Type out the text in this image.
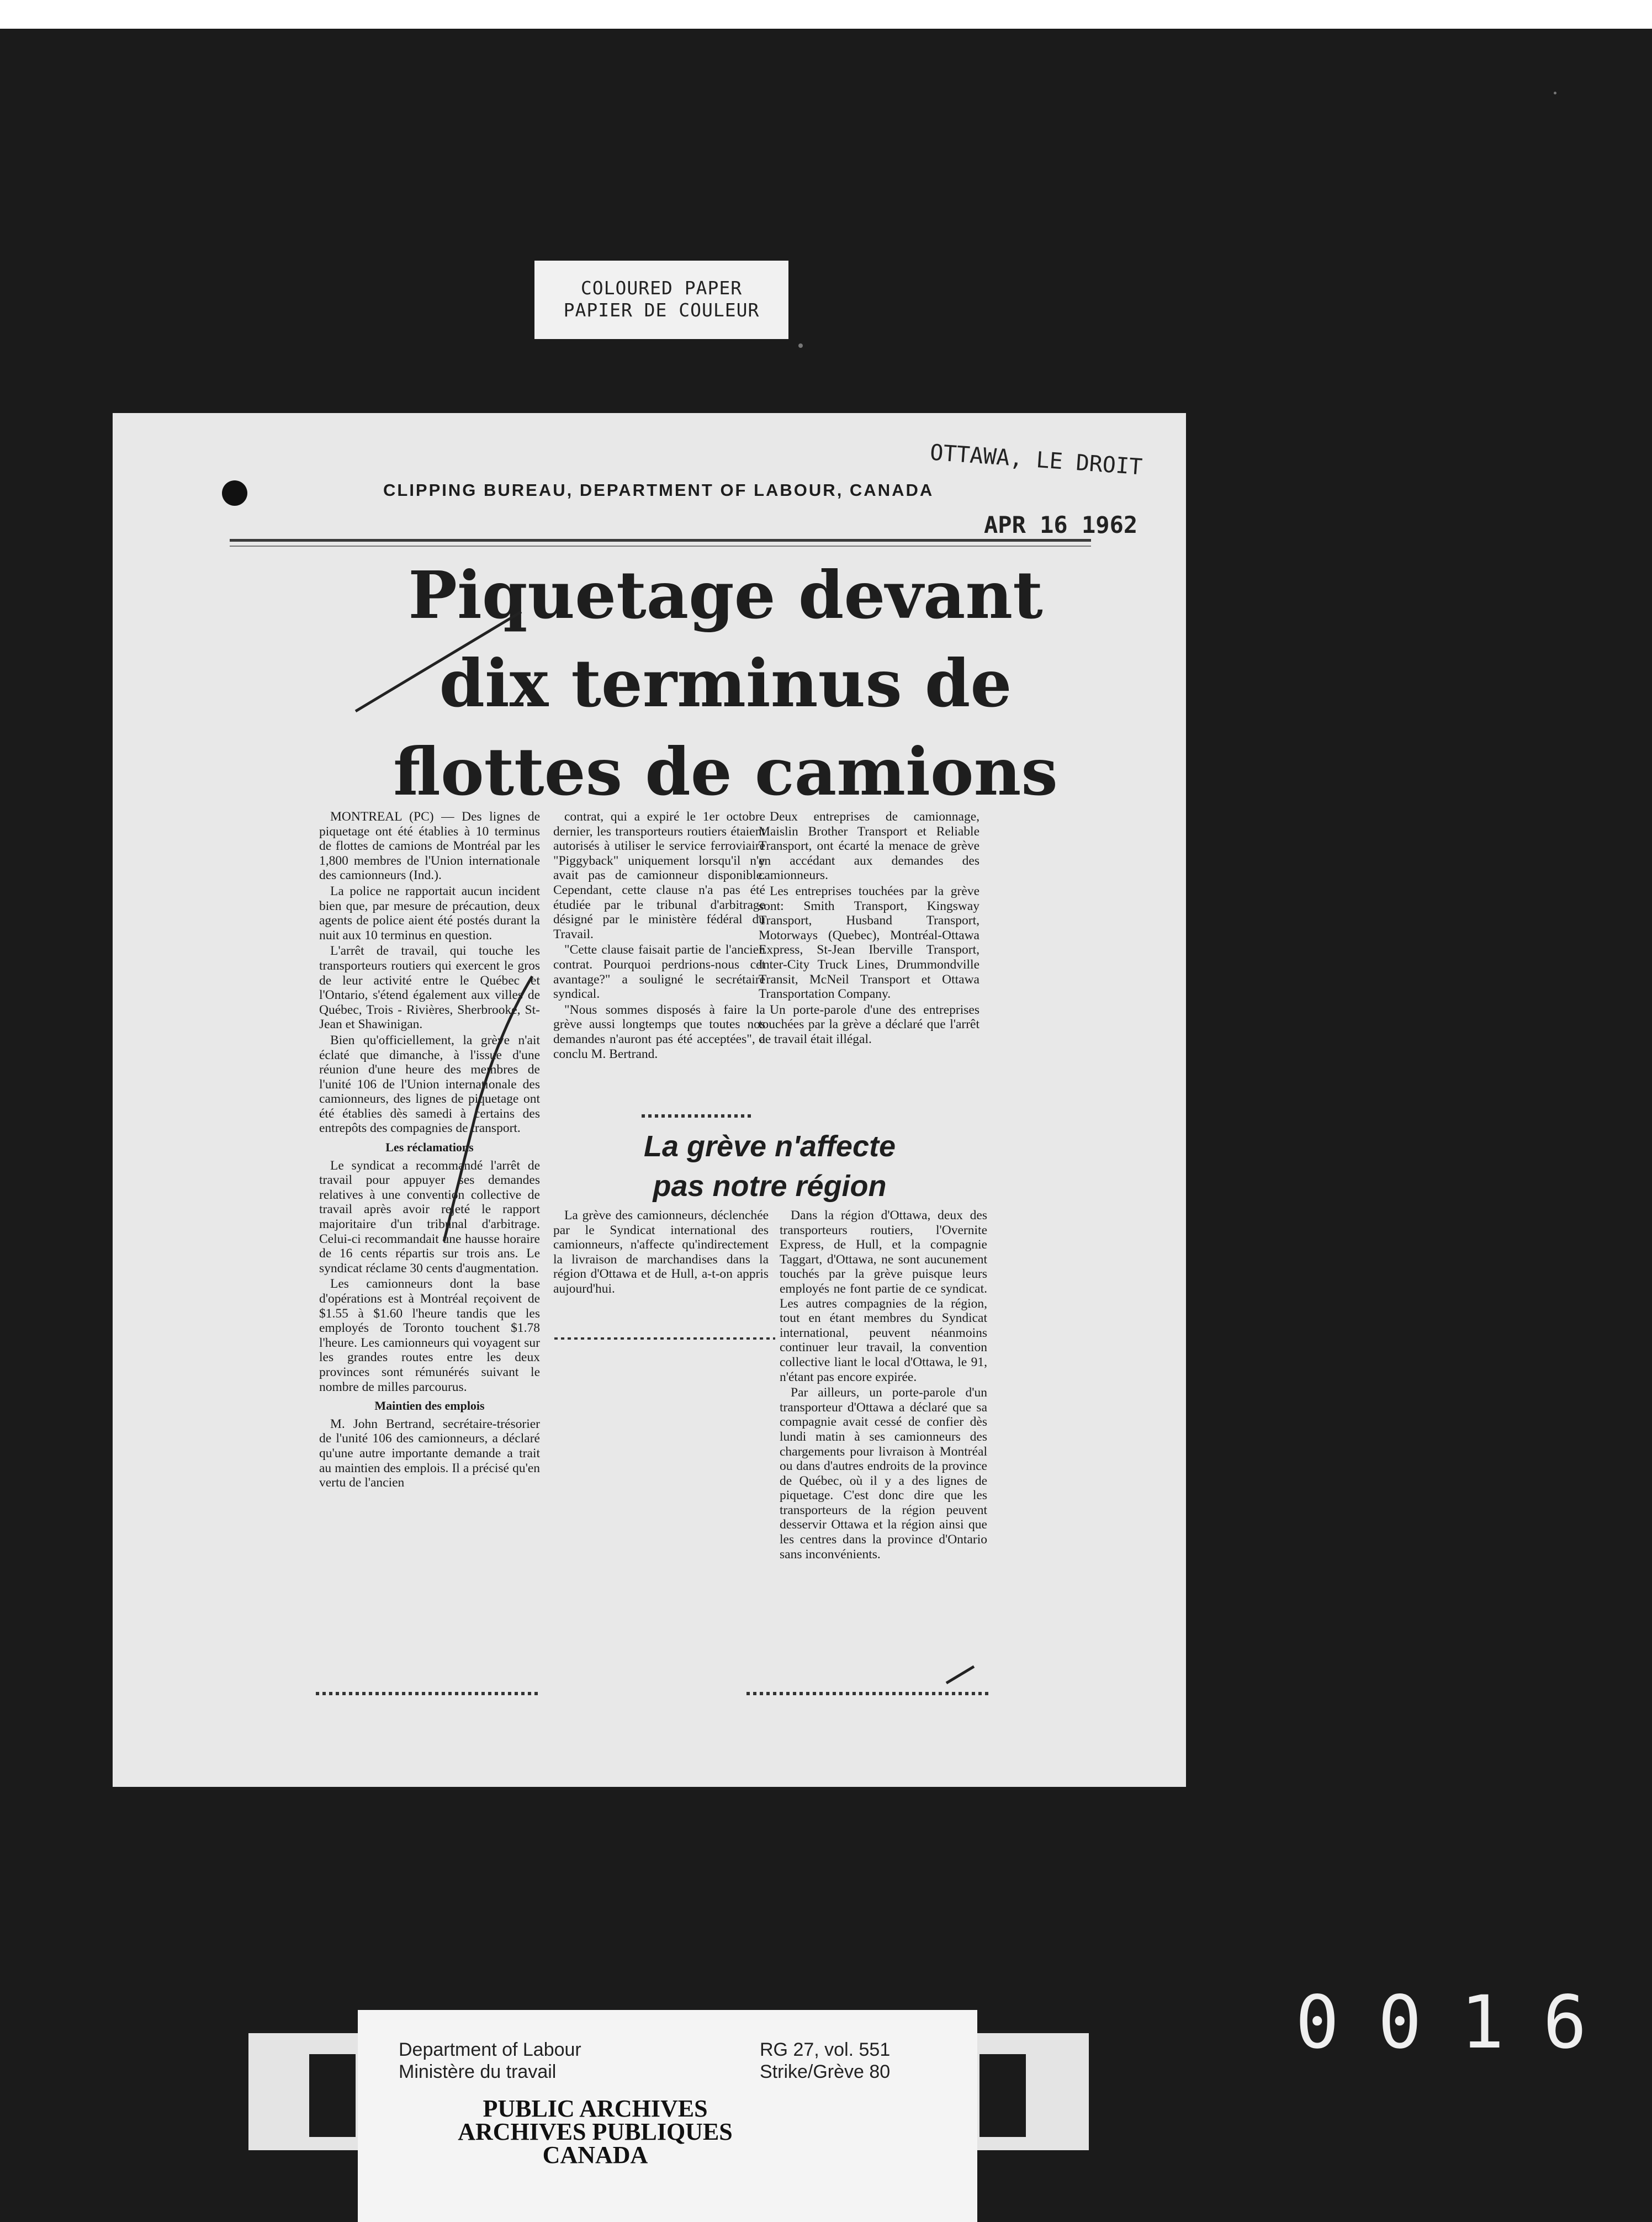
COLOURED PAPER
PAPIER DE COULEUR
CLIPPING BUREAU, DEPARTMENT OF LABOUR, CANADA
OTTAWA, LE DROIT
APR 16 1962
Piquetage devant
dix terminus de
flottes de camions

MONTREAL (PC) — Des lignes de piquetage ont été établies à 10 terminus de flottes de camions de Montréal par les 1,800 membres de l'Union internationale des camionneurs (Ind.).

La police ne rapportait aucun incident bien que, par mesure de précaution, deux agents de police aient été postés durant la nuit aux 10 terminus en question.

L'arrêt de travail, qui touche les transporteurs routiers qui exercent le gros de leur activité entre le Québec et l'Ontario, s'étend également aux villes de Québec, Trois - Rivières, Sherbrooke, St-Jean et Shawinigan.

Bien qu'officiellement, la grève n'ait éclaté que dimanche, à l'issue d'une réunion d'une heure des membres de l'unité 106 de l'Union internationale des camionneurs, des lignes de piquetage ont été établies dès samedi à certains des entrepôts des compagnies de transport.

Les réclamations

Le syndicat a recommandé l'arrêt de travail pour appuyer ses demandes relatives à une convention collective de travail après avoir rejeté le rapport majoritaire d'un tribunal d'arbitrage. Celui-ci recommandait une hausse horaire de 16 cents répartis sur trois ans. Le syndicat réclame 30 cents d'augmentation.

Les camionneurs dont la base d'opérations est à Montréal reçoivent de $1.55 à $1.60 l'heure tandis que les employés de Toronto touchent $1.78 l'heure. Les camionneurs qui voyagent sur les grandes routes entre les deux provinces sont rémunérés suivant le nombre de milles parcourus.

Maintien des emplois

M. John Bertrand, secrétaire-trésorier de l'unité 106 des camionneurs, a déclaré qu'une autre importante demande a trait au maintien des emplois. Il a précisé qu'en vertu de l'ancien

contrat, qui a expiré le 1er octobre dernier, les transporteurs routiers étaient autorisés à utiliser le service ferroviaire "Piggyback" uniquement lorsqu'il n'y avait pas de camionneur disponible. Cependant, cette clause n'a pas été étudiée par le tribunal d'arbitrage désigné par le ministère fédéral du Travail.

"Cette clause faisait partie de l'ancien contrat. Pourquoi perdrions-nous cet avantage?" a souligné le secrétaire syndical.

"Nous sommes disposés à faire la grève aussi longtemps que toutes nos demandes n'auront pas été acceptées", a conclu M. Bertrand.

Deux entreprises de camionnage, Maislin Brother Transport et Reliable Transport, ont écarté la menace de grève en accédant aux demandes des camionneurs.

Les entreprises touchées par la grève sont: Smith Transport, Kingsway Transport, Husband Transport, Motorways (Quebec), Montréal-Ottawa Express, St-Jean Iberville Transport, Inter-City Truck Lines, Drummondville Transit, McNeil Transport et Ottawa Transportation Company.

Un porte-parole d'une des entreprises touchées par la grève a déclaré que l'arrêt de travail était illégal.

La grève n'affecte
pas notre région

La grève des camionneurs, déclenchée par le Syndicat international des camionneurs, n'affecte qu'indirectement la livraison de marchandises dans la région d'Ottawa et de Hull, a-t-on appris aujourd'hui.

Dans la région d'Ottawa, deux des transporteurs routiers, l'Overnite Express, de Hull, et la compagnie Taggart, d'Ottawa, ne sont aucunement touchés par la grève puisque leurs employés ne font partie de ce syndicat. Les autres compagnies de la région, tout en étant membres du Syndicat international, peuvent néanmoins continuer leur travail, la convention collective liant le local d'Ottawa, le 91, n'étant pas encore expirée.

Par ailleurs, un porte-parole d'un transporteur d'Ottawa a déclaré que sa compagnie avait cessé de confier dès lundi matin à ses camionneurs des chargements pour livraison à Montréal ou dans d'autres endroits de la province de Québec, où il y a des lignes de piquetage. C'est donc dire que les transporteurs de la région peuvent desservir Ottawa et la région ainsi que les centres dans la province d'Ontario sans inconvénients.

0016
Department of Labour
Ministère du travail
RG 27, vol. 551
Strike/Grève 80
PUBLIC ARCHIVES
ARCHIVES PUBLIQUES
CANADA
